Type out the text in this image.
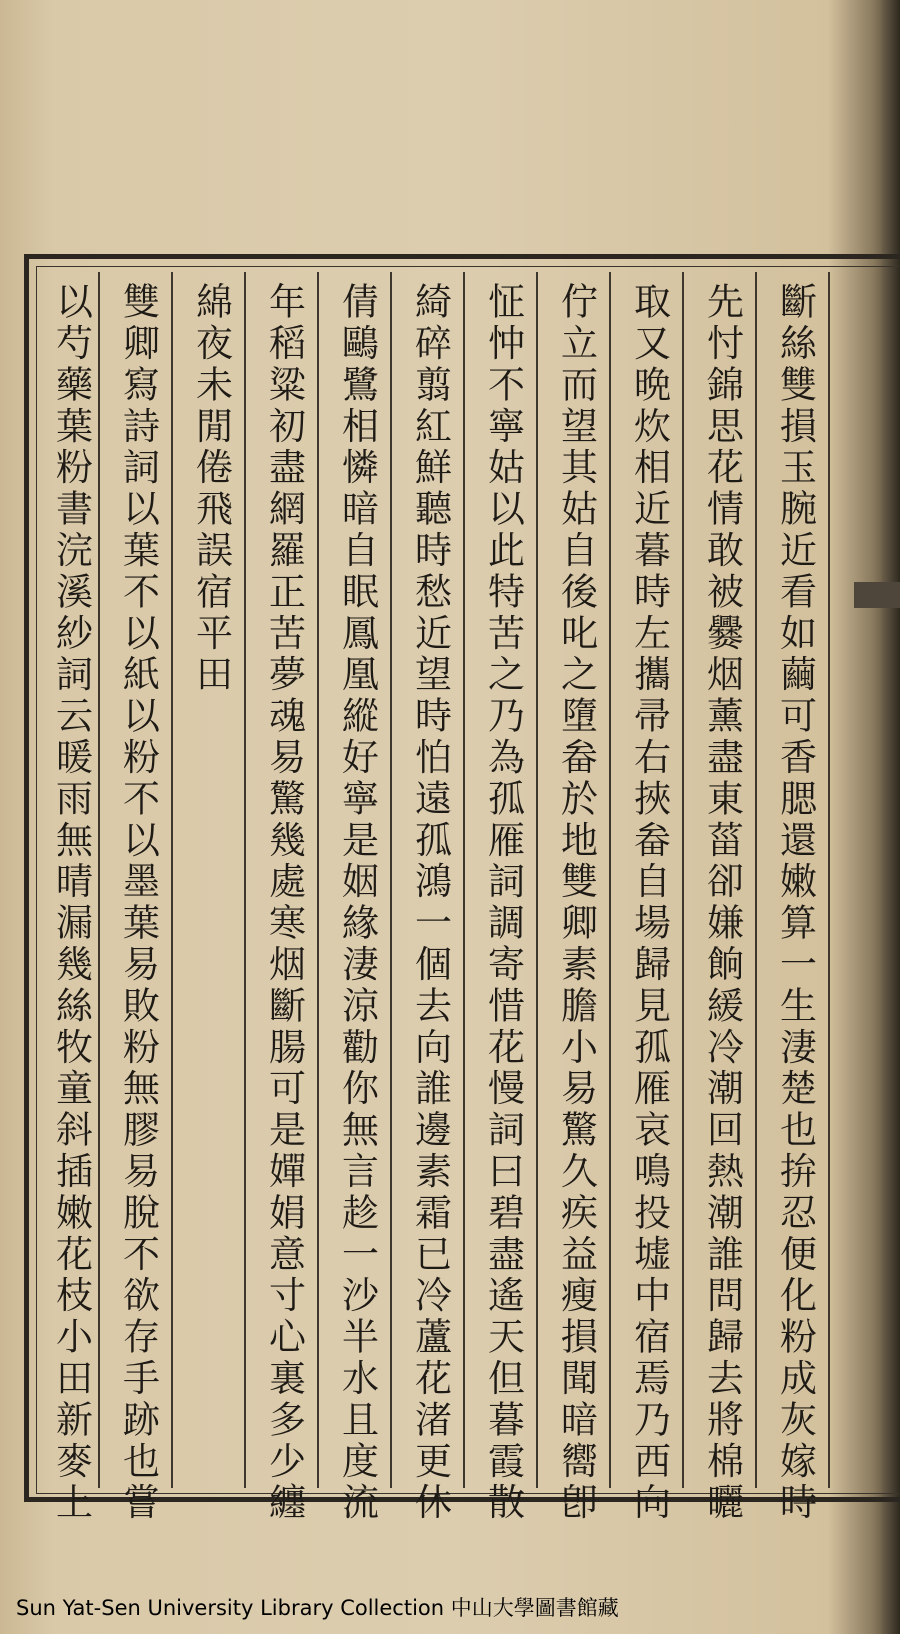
斷絲雙損玉腕近看如繭可香腮還嫩算一生淒楚也拚忍便化粉成灰嫁時
先忖錦思花情敢被爨烟薰盡東菑卻嫌餉緩冷潮回熱潮誰問歸去將棉曬
取又晩炊相近暮時左攜帚右挾畚自場歸見孤雁哀鳴投墟中宿焉乃西向
佇立而望其姑自後叱之墮畚於地雙卿素膽小易驚久疾益瘦損聞暗嚮卽
怔忡不寧姑以此特苦之乃為孤雁詞調寄惜花慢詞曰碧盡遙天但暮霞散
綺碎翦紅鮮聽時愁近望時怕遠孤鴻一個去向誰邊素霜已冷蘆花渚更休
倩鷗鷺相憐暗自眠鳳凰縱好寧是姻緣淒涼勸你無言趁一沙半水且度流
年稻粱初盡網羅正苦夢魂易驚幾處寒烟斷腸可是嬋娟意寸心裏多少纏
綿夜未閒倦飛誤宿平田
雙卿寫詩詞以葉不以紙以粉不以墨葉易敗粉無膠易脫不欲存手跡也嘗
以芍藥葉粉書浣溪紗詞云暖雨無晴漏幾絲牧童斜插嫩花枝小田新麥上
Sun Yat-Sen University Library Collection 中山大學圖書館藏
